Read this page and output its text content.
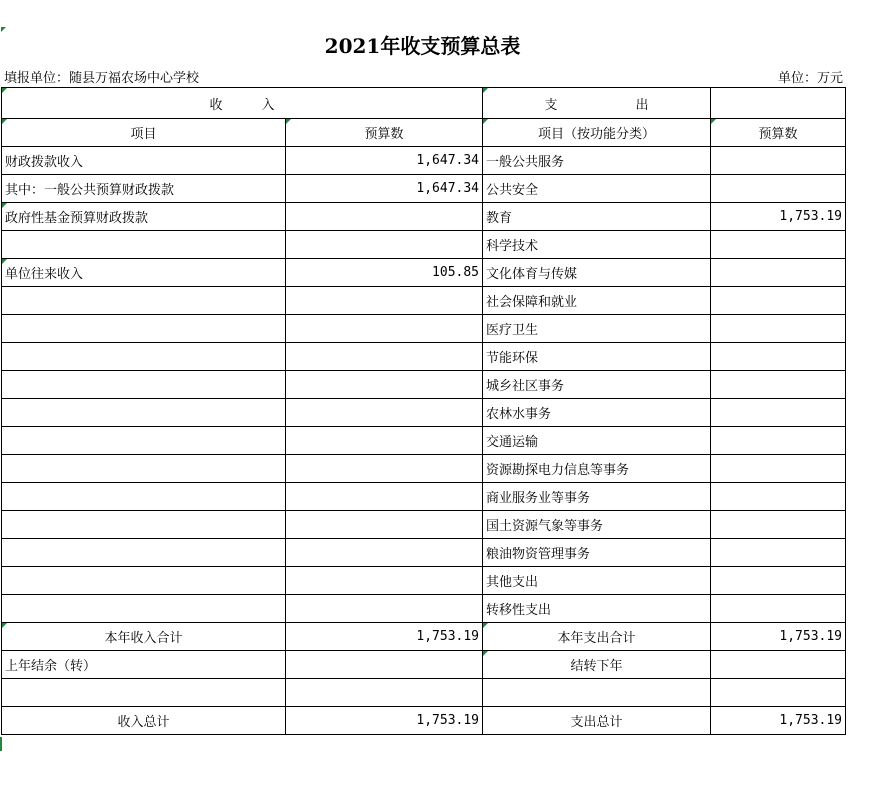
2021年收支预算总表
填报单位：随县万福农场中心学校	单位：万元
收　　　入		支　　　　　　出	
项目	预算数	项目（按功能分类）	预算数
财政拨款收入	1,647.34	一般公共服务	
其中：一般公共预算财政拨款	1,647.34	公共安全	
政府性基金预算财政拨款		教育	1,753.19
		科学技术	
单位往来收入	105.85	文化体育与传媒	
		社会保障和就业	
		医疗卫生	
		节能环保	
		城乡社区事务	
		农林水事务	
		交通运输	
		资源勘探电力信息等事务	
		商业服务业等事务	
		国土资源气象等事务	
		粮油物资管理事务	
		其他支出	
		转移性支出	
本年收入合计	1,753.19	本年支出合计	1,753.19
上年结余（转）		结转下年	

收入总计	1,753.19	支出总计	1,753.19
